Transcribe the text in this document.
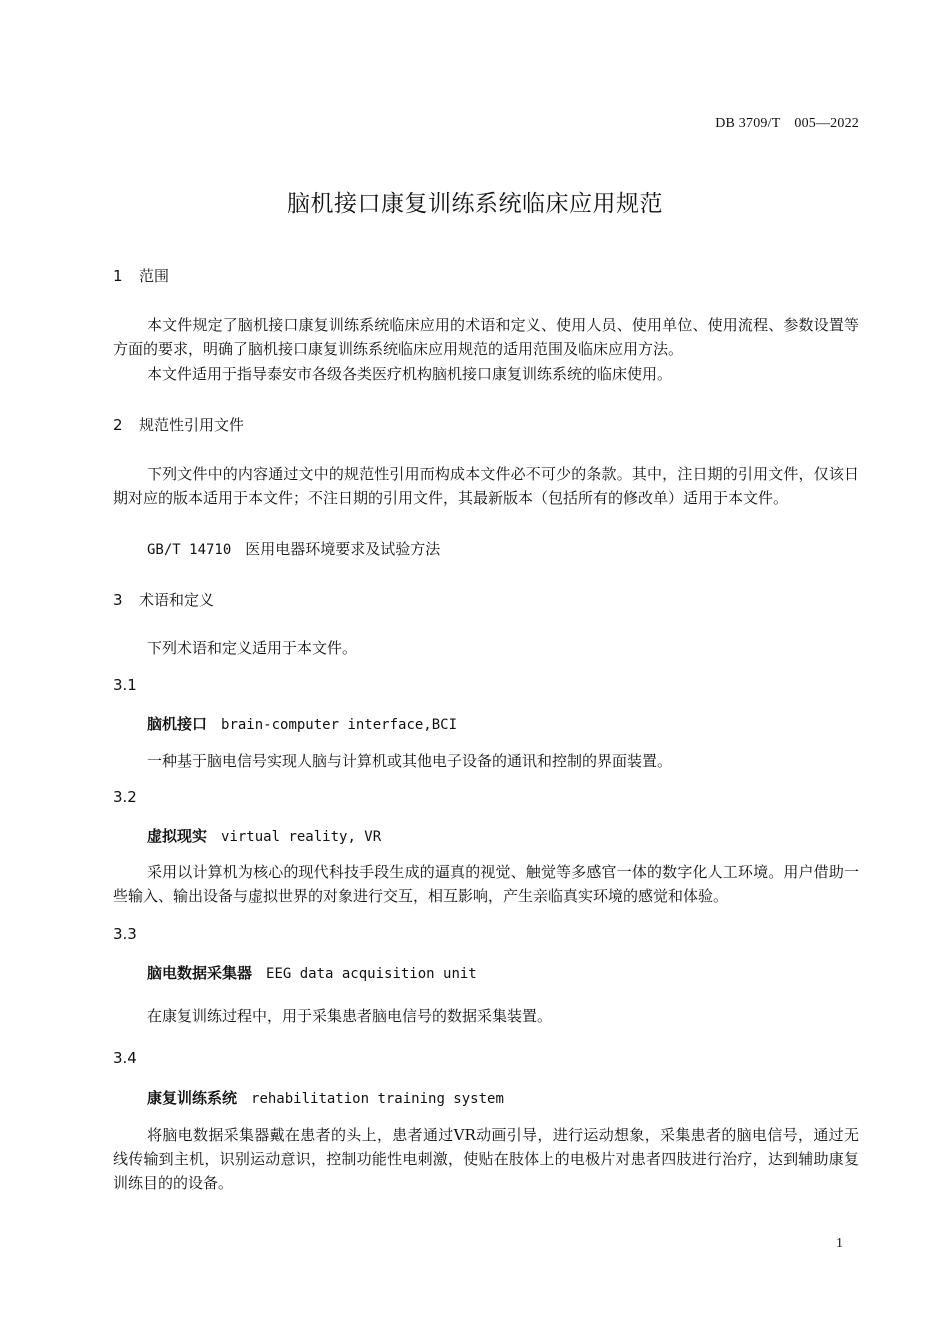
DB 3709/T　005—2022
脑机接口康复训练系统临床应用规范
1 范围
本文件规定了脑机接口康复训练系统临床应用的术语和定义、使用人员、使用单位、使用流程、参数设置等方面的要求，明确了脑机接口康复训练系统临床应用规范的适用范围及临床应用方法。
本文件适用于指导泰安市各级各类医疗机构脑机接口康复训练系统的临床使用。
2 规范性引用文件
下列文件中的内容通过文中的规范性引用而构成本文件必不可少的条款。其中，注日期的引用文件，仅该日期对应的版本适用于本文件；不注日期的引用文件，其最新版本（包括所有的修改单）适用于本文件。
GB/T 14710 医用电器环境要求及试验方法
3 术语和定义
下列术语和定义适用于本文件。
3.1
脑机接口 brain-computer interface,BCI
一种基于脑电信号实现人脑与计算机或其他电子设备的通讯和控制的界面装置。
3.2
虚拟现实 virtual reality, VR
采用以计算机为核心的现代科技手段生成的逼真的视觉、触觉等多感官一体的数字化人工环境。用户借助一些输入、输出设备与虚拟世界的对象进行交互，相互影响，产生亲临真实环境的感觉和体验。
3.3
脑电数据采集器 EEG data acquisition unit
在康复训练过程中，用于采集患者脑电信号的数据采集装置。
3.4
康复训练系统 rehabilitation training system
将脑电数据采集器戴在患者的头上，患者通过VR动画引导，进行运动想象，采集患者的脑电信号，通过无线传输到主机，识别运动意识，控制功能性电刺激，使贴在肢体上的电极片对患者四肢进行治疗，达到辅助康复训练目的的设备。
1
